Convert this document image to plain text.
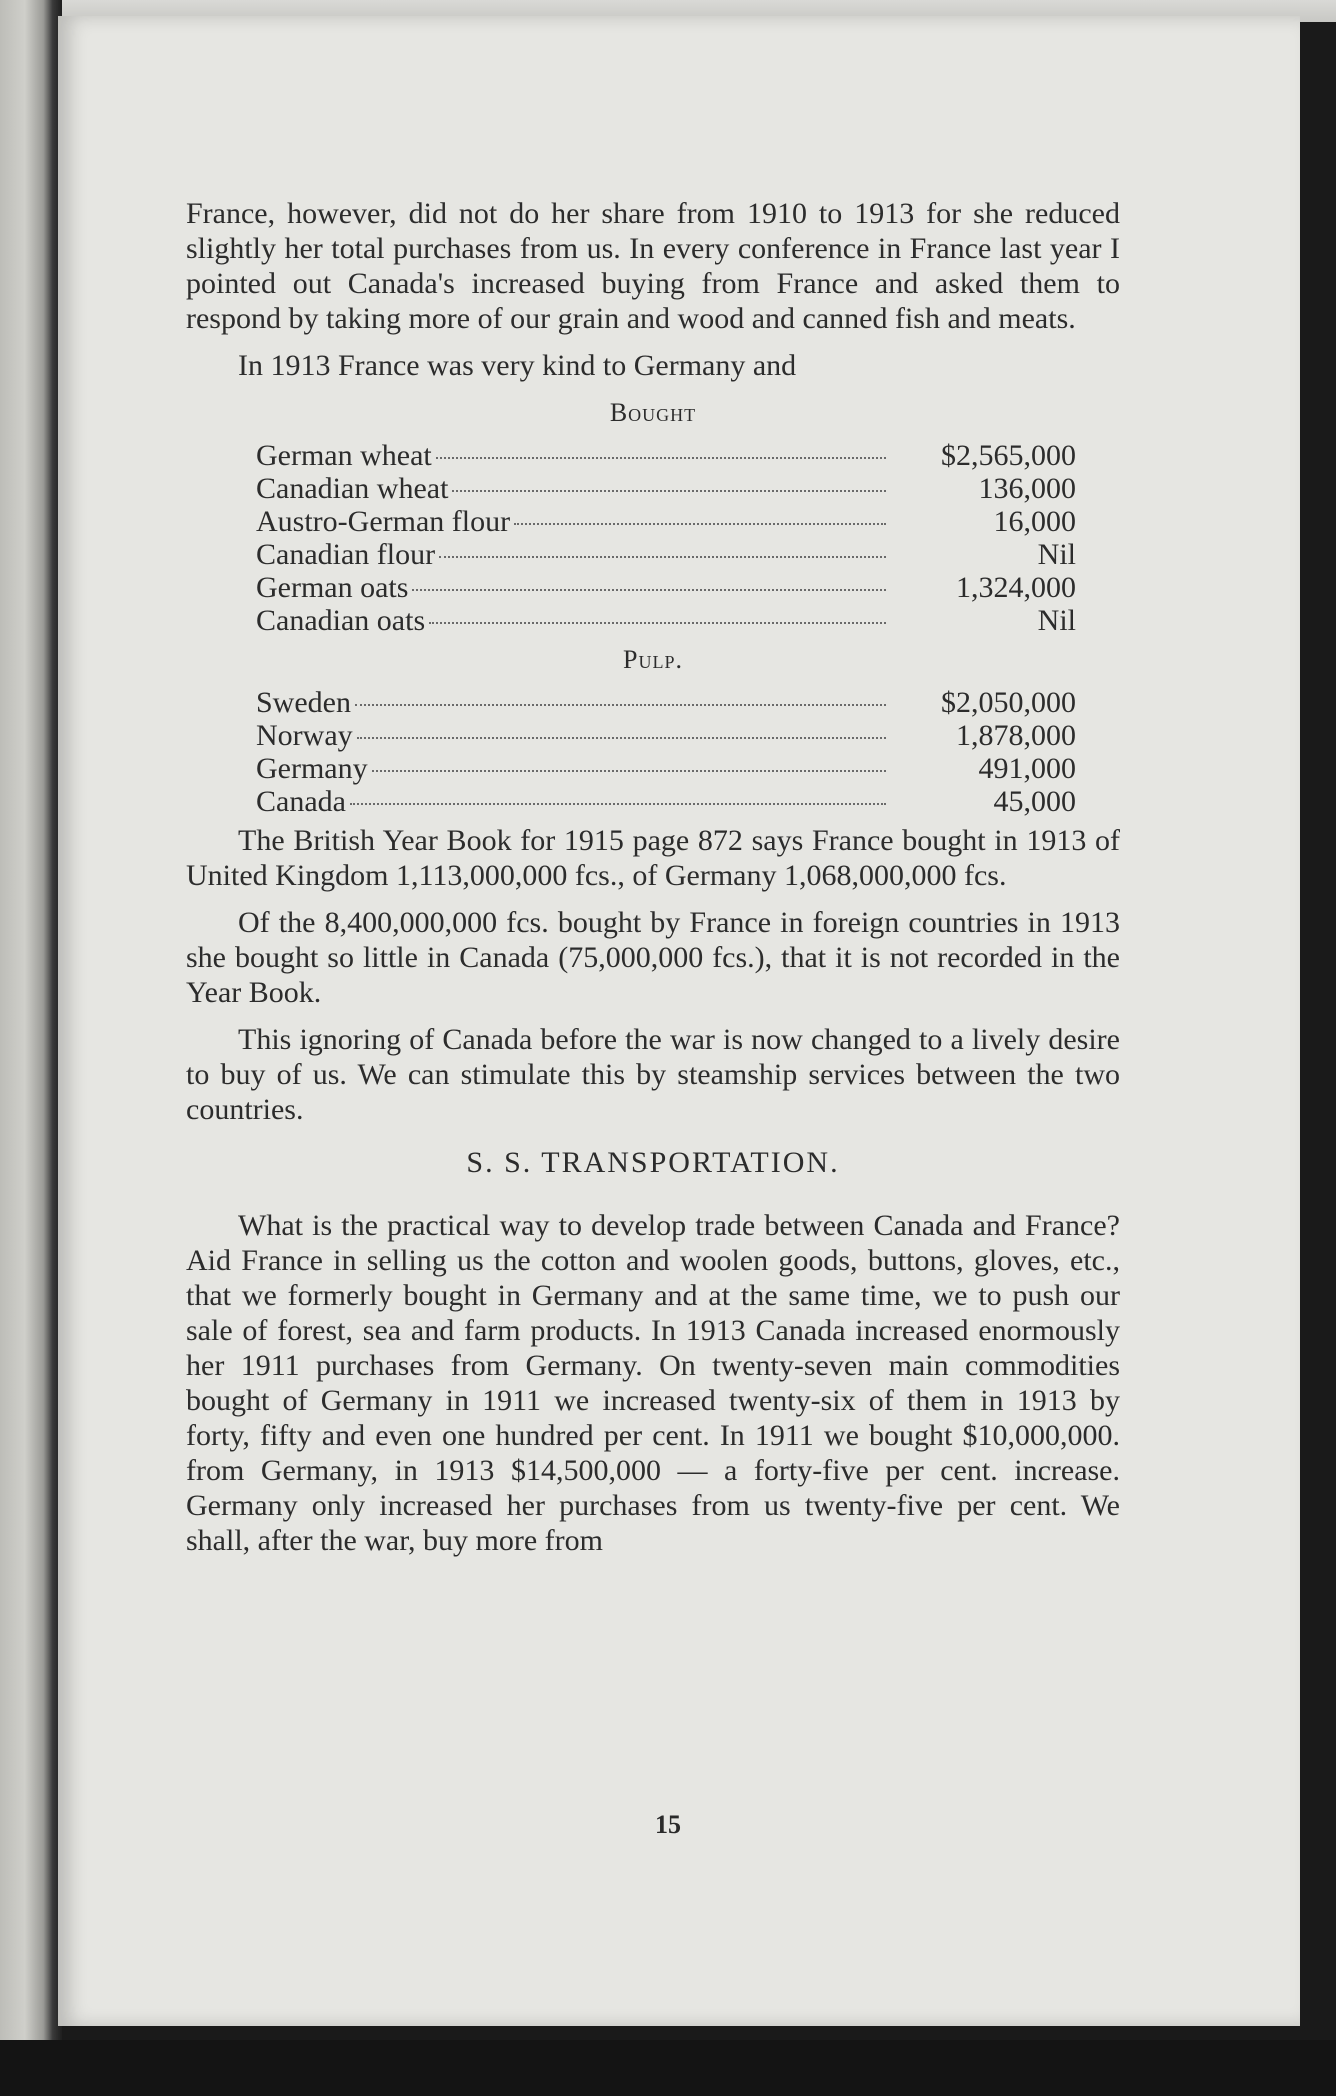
France, however, did not do her share from 1910 to 1913 for she reduced slightly her total purchases from us. In every conference in France last year I pointed out Canada's increased buying from France and asked them to respond by taking more of our grain and wood and canned fish and meats.

In 1913 France was very kind to Germany and

Bought
German wheat	$2,565,000
Canadian wheat	136,000
Austro-German flour	16,000
Canadian flour	Nil
German oats	1,324,000
Canadian oats	Nil
Pulp.
Sweden	$2,050,000
Norway	1,878,000
Germany	491,000
Canada	45,000

The British Year Book for 1915 page 872 says France bought in 1913 of United Kingdom 1,113,000,000 fcs., of Germany 1,068,000,000 fcs.

Of the 8,400,000,000 fcs. bought by France in foreign countries in 1913 she bought so little in Canada (75,000,000 fcs.), that it is not recorded in the Year Book.

This ignoring of Canada before the war is now changed to a lively desire to buy of us. We can stimulate this by steamship services between the two countries.

S. S. TRANSPORTATION.

What is the practical way to develop trade between Canada and France? Aid France in selling us the cotton and woolen goods, buttons, gloves, etc., that we formerly bought in Germany and at the same time, we to push our sale of forest, sea and farm products. In 1913 Canada increased enormously her 1911 purchases from Germany. On twenty-seven main commodities bought of Germany in 1911 we increased twenty-six of them in 1913 by forty, fifty and even one hundred per cent. In 1911 we bought $10,000,000. from Germany, in 1913 $14,500,000 — a forty-five per cent. increase. Germany only increased her purchases from us twenty-five per cent. We shall, after the war, buy more from

15
